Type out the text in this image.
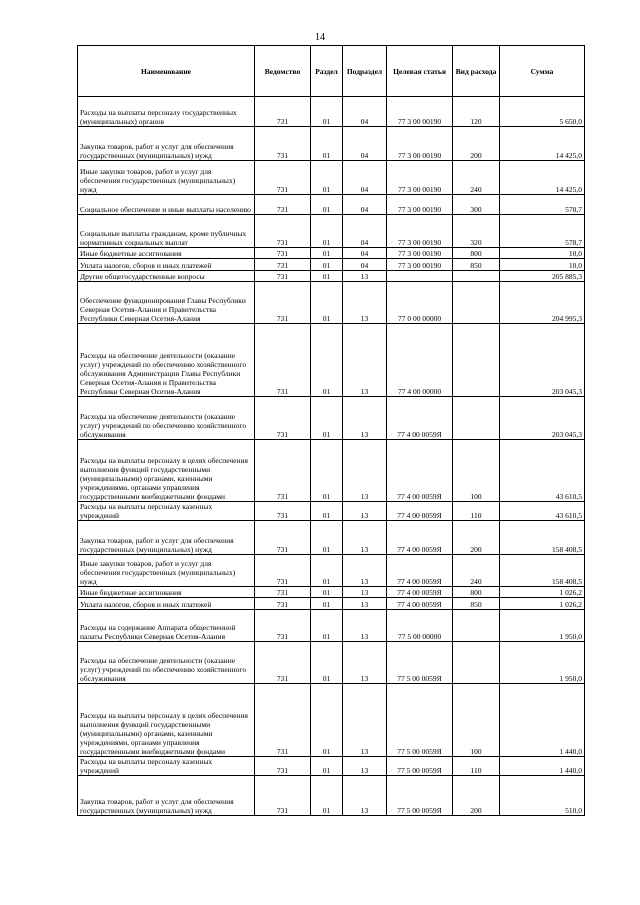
14
Наименование	Ведомство	Раздел	Подраздел	Целевая статья	Вид расхода	Сумма
Расходы на выплаты персоналу государственных (муниципальных) органов	731	01	04	77 3 00 00190	120	5 650,0
Закупка товаров, работ и услуг для обеспечения государственных (муниципальных) нужд	731	01	04	77 3 00 00190	200	14 425,0
Иные закупки товаров, работ и услуг для обеспечения государственных (муниципальных) нужд	731	01	04	77 3 00 00190	240	14 425,0
Социальное обеспечение и иные выплаты населению	731	01	04	77 3 00 00190	300	578,7
Социальные выплаты гражданам, кроме публичных нормативных социальных выплат	731	01	04	77 3 00 00190	320	578,7
Иные бюджетные ассигнования	731	01	04	77 3 00 00190	800	10,0
Уплата налогов, сборов и иных платежей	731	01	04	77 3 00 00190	850	10,0
Другие общегосударственные вопросы	731	01	13			205 885,3
Обеспечение функционирования Главы Республики Северная Осетия-Алания и Правительства Республики Северная Осетия-Алания	731	01	13	77 0 00 00000		204 995,3
Расходы на обеспечение деятельности (оказание услуг) учреждений по обеспечению хозяйственного обслуживания Администрации Главы Республики Северная Осетия-Алания и Правительства Республики Северная Осетия-Алания	731	01	13	77 4 00 00000		203 045,3
Расходы на обеспечение деятельности (оказание услуг) учреждений по обеспечению хозяйственного обслуживания	731	01	13	77 4 00 0059Я		203 045,3
Расходы на выплаты персоналу в целях обеспечения выполнения функций государственными (муниципальными) органами, казенными учреждениями, органами управления государственными внебюджетными фондами	731	01	13	77 4 00 0059Я	100	43 610,5
Расходы на выплаты персоналу казенных учреждений	731	01	13	77 4 00 0059Я	110	43 610,5
Закупка товаров, работ и услуг для обеспечения государственных (муниципальных) нужд	731	01	13	77 4 00 0059Я	200	158 408,5
Иные закупки товаров, работ и услуг для обеспечения государственных (муниципальных) нужд	731	01	13	77 4 00 0059Я	240	158 408,5
Иные бюджетные ассигнования	731	01	13	77 4 00 0059Я	800	1 026,2
Уплата налогов, сборов и иных платежей	731	01	13	77 4 00 0059Я	850	1 026,2
Расходы на содержание Аппарата общественной палаты Республики Северная Осетия-Алания	731	01	13	77 5 00 00000		1 950,0
Расходы на обеспечение деятельности (оказание услуг) учреждений по обеспечению хозяйственного обслуживания	731	01	13	77 5 00 0059Я		1 950,0
Расходы на выплаты персоналу в целях обеспечения выполнения функций государственными (муниципальными) органами, казенными учреждениями, органами управления государственными внебюджетными фондами	731	01	13	77 5 00 0059Я	100	1 440,0
Расходы на выплаты персоналу казенных учреждений	731	01	13	77 5 00 0059Я	110	1 440,0
Закупка товаров, работ и услуг для обеспечения государственных (муниципальных) нужд	731	01	13	77 5 00 0059Я	200	510,0
